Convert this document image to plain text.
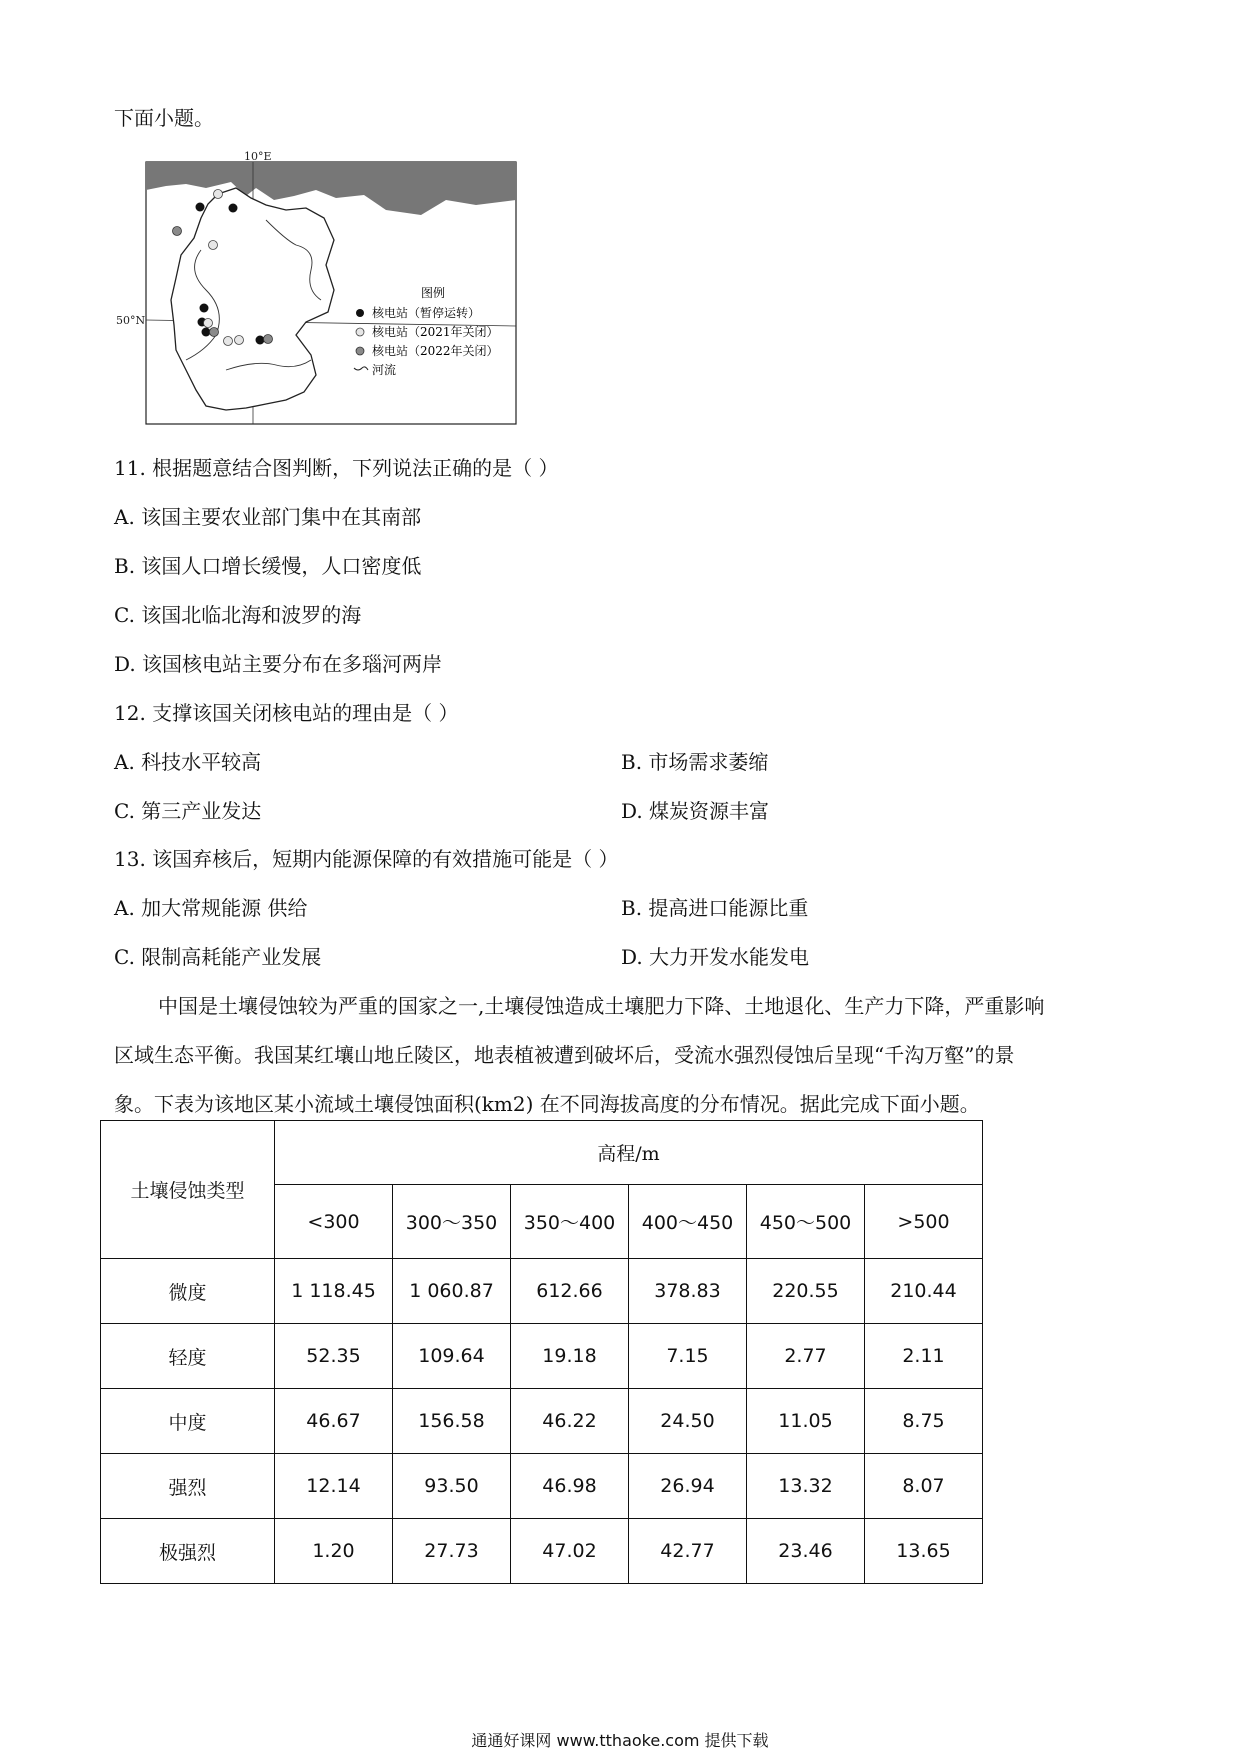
下面小题。
10°E
50°N
图例
核电站（暂停运转）
核电站（2021年关闭）
核电站（2022年关闭）
河流
11. 根据题意结合图判断，下列说法正确的是（ ）
A. 该国主要农业部门集中在其南部
B. 该国人口增长缓慢，人口密度低
C. 该国北临北海和波罗的海
D. 该国核电站主要分布在多瑙河两岸
12. 支撑该国关闭核电站的理由是（ ）
A. 科技水平较高	B. 市场需求萎缩
C. 第三产业发达	D. 煤炭资源丰富
13. 该国弃核后，短期内能源保障的有效措施可能是（ ）
A. 加大常规能源 供给	B. 提高进口能源比重
C. 限制高耗能产业发展	D. 大力开发水能发电
中国是土壤侵蚀较为严重的国家之一,土壤侵蚀造成土壤肥力下降、土地退化、生产力下降，严重影响
区域生态平衡。我国某红壤山地丘陵区，地表植被遭到破坏后，受流水强烈侵蚀后呈现“千沟万壑”的景
象。下表为该地区某小流域土壤侵蚀面积(km2) 在不同海拔高度的分布情况。据此完成下面小题。
土壤侵蚀类型	高程/m					
	<300	300～350	350～400	400～450	450～500	>500
微度	1 118.45	1 060.87	612.66	378.83	220.55	210.44
轻度	52.35	109.64	19.18	7.15	2.77	2.11
中度	46.67	156.58	46.22	24.50	11.05	8.75
强烈	12.14	93.50	46.98	26.94	13.32	8.07
极强烈	1.20	27.73	47.02	42.77	23.46	13.65
通通好课网 www.tthaoke.com 提供下载
